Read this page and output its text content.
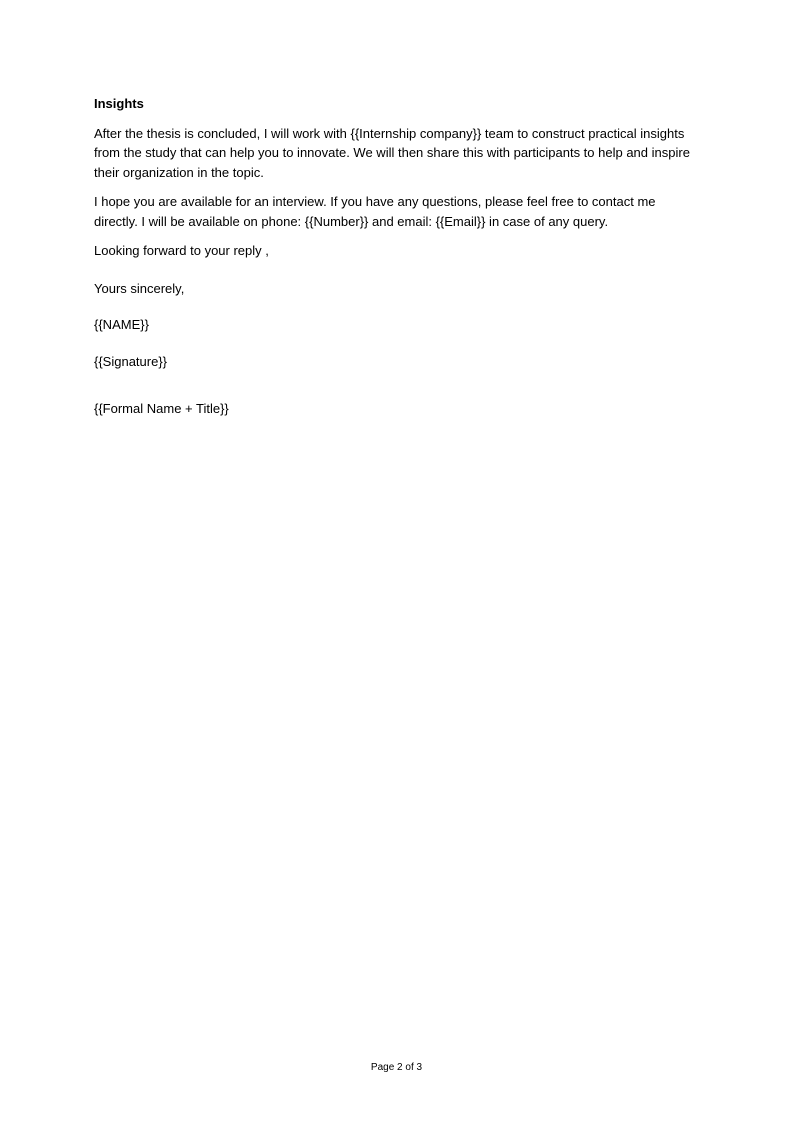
Insights

After the thesis is concluded, I will work with {{Internship company}} team to construct practical insights from the study that can help you to innovate. We will then share this with participants to help and inspire their organization in the topic.

I hope you are available for an interview. If you have any questions, please feel free to contact me directly. I will be available on phone: {{Number}} and email: {{Email}} in case of any query.

Looking forward to your reply ,

Yours sincerely,

{{NAME}}

{{Signature}}

{{Formal Name + Title}}

Page 2 of 3
